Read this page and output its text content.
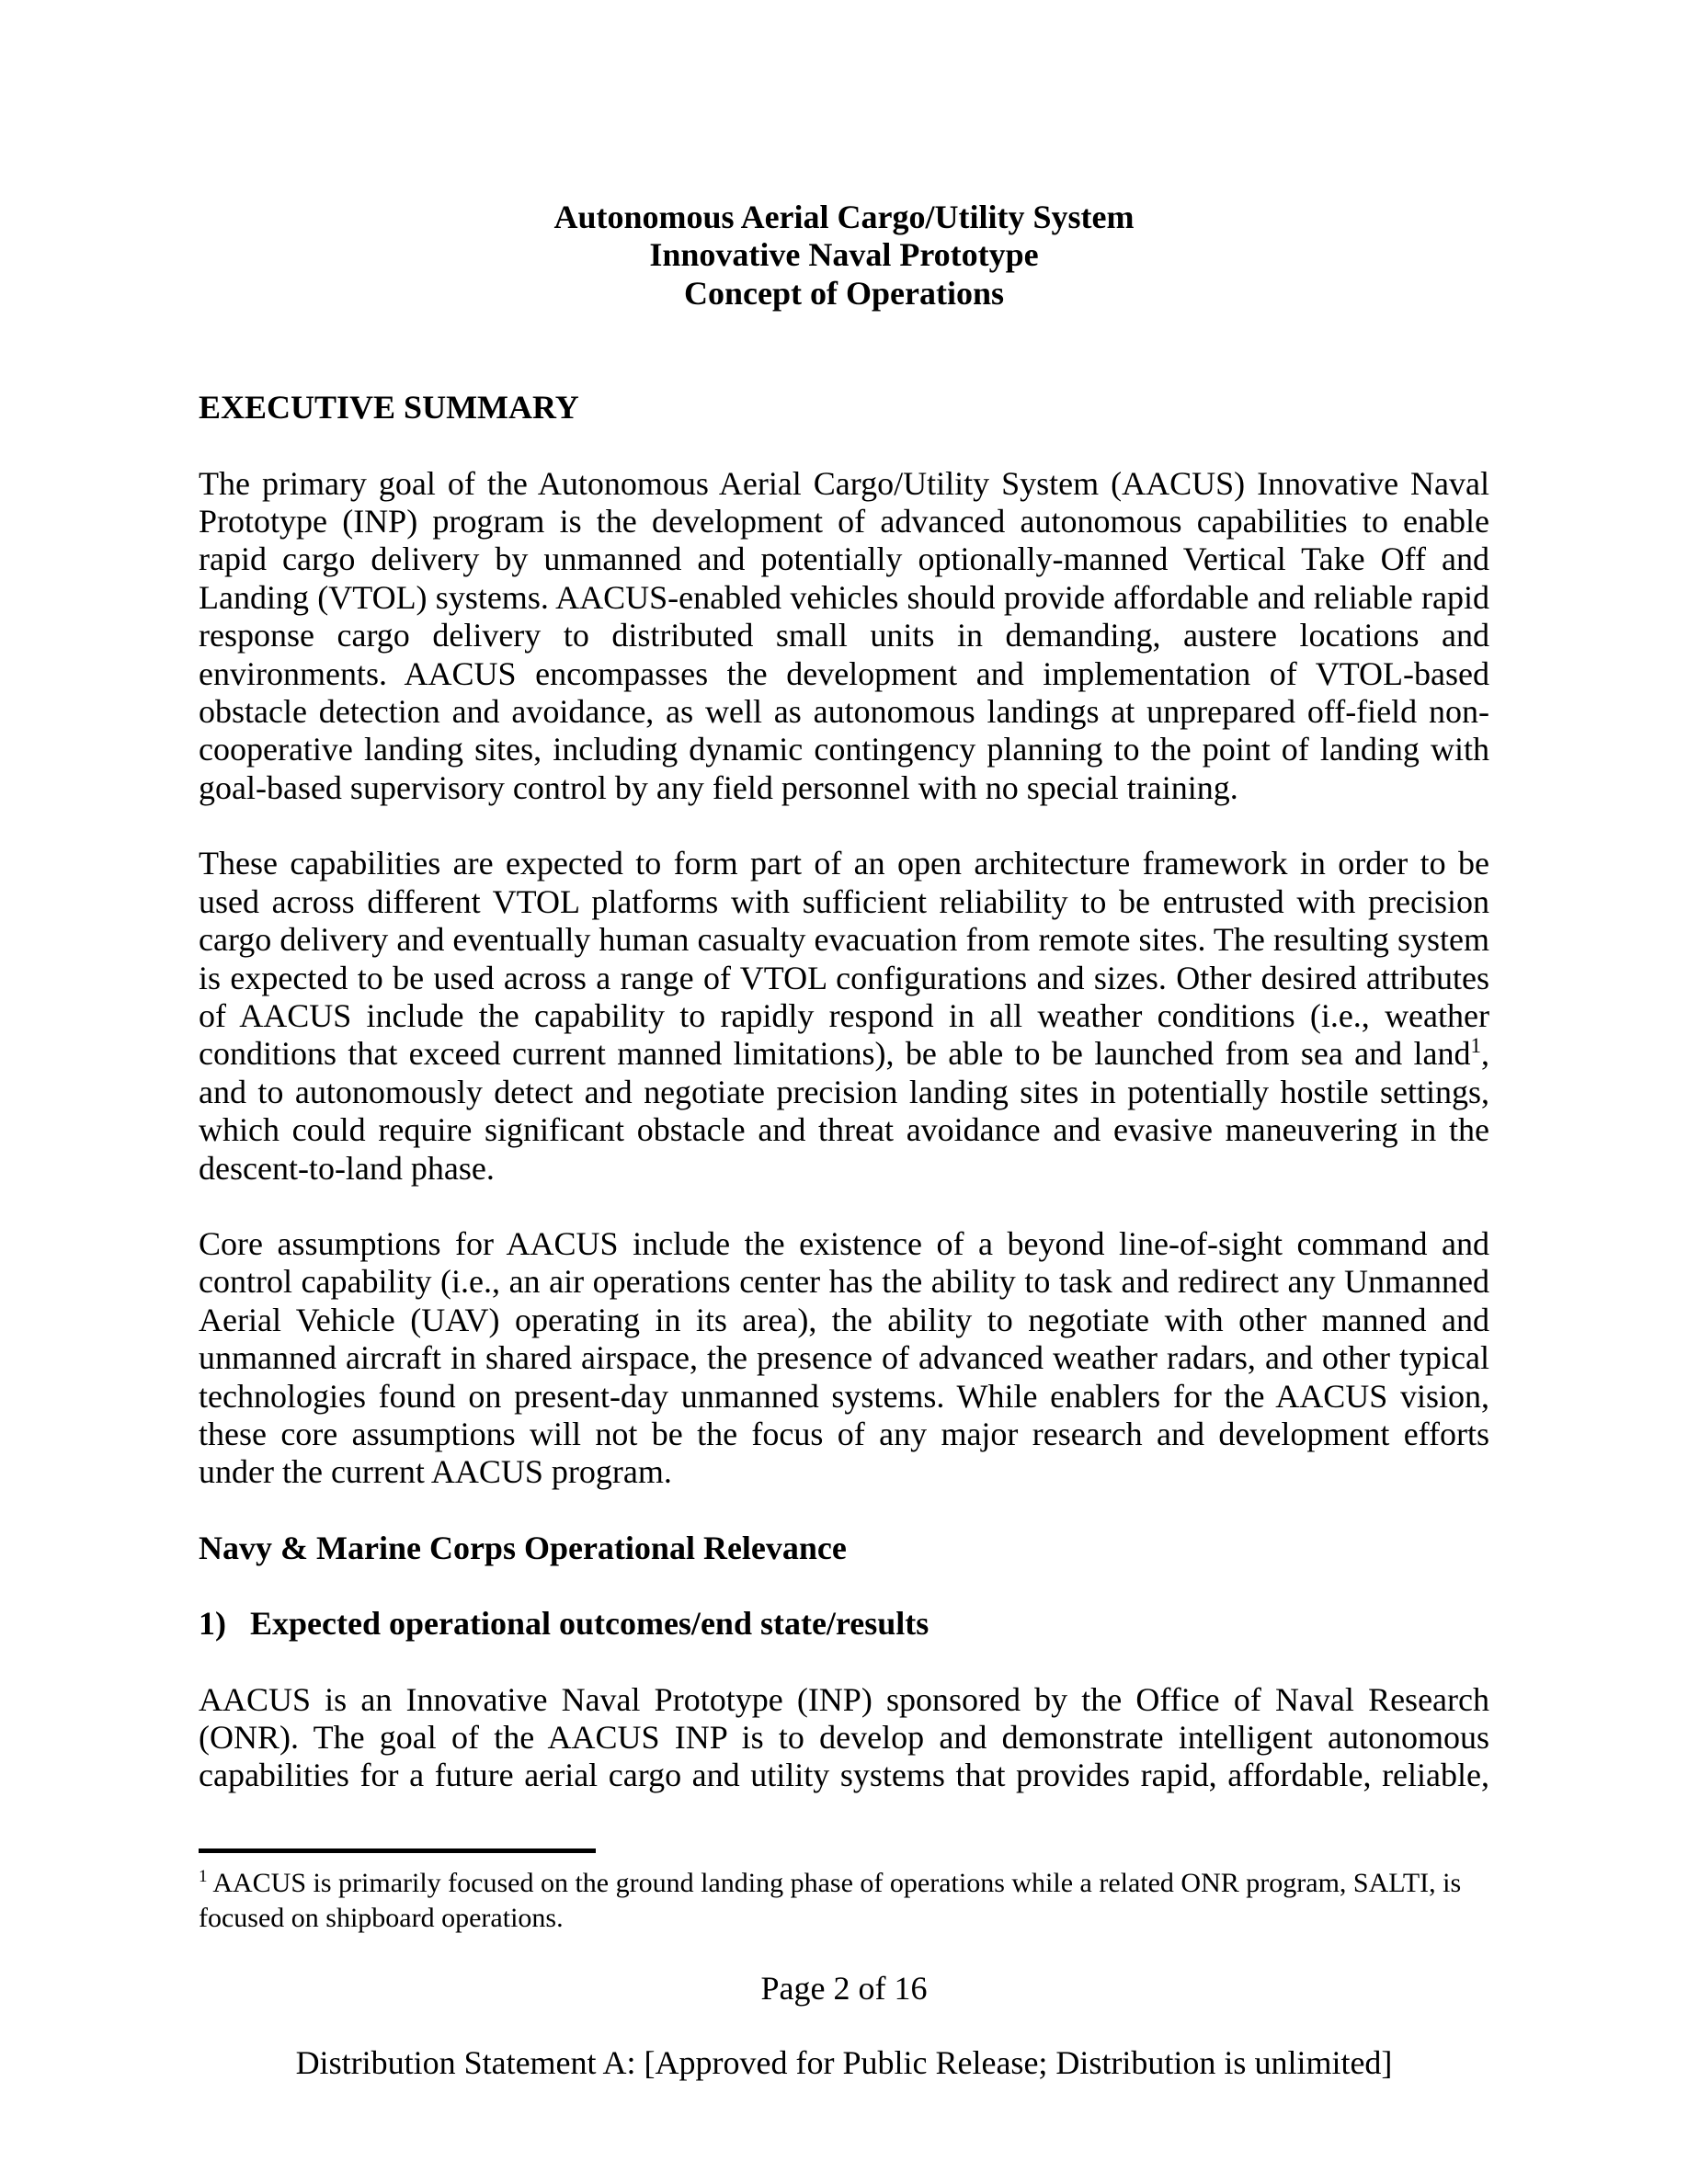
Autonomous Aerial Cargo/Utility System
Innovative Naval Prototype
Concept of Operations
EXECUTIVE SUMMARY

The primary goal of the Autonomous Aerial Cargo/Utility System (AACUS) Innovative Naval Prototype (INP) program is the development of advanced autonomous capabilities to enable rapid cargo delivery by unmanned and potentially optionally-manned Vertical Take Off and Landing (VTOL) systems. AACUS-enabled vehicles should provide affordable and reliable rapid response cargo delivery to distributed small units in demanding, austere locations and environments. AACUS encompasses the development and implementation of VTOL-based obstacle detection and avoidance, as well as autonomous landings at unprepared off-field non-cooperative landing sites, including dynamic contingency planning to the point of landing with goal-based supervisory control by any field personnel with no special training.

These capabilities are expected to form part of an open architecture framework in order to be used across different VTOL platforms with sufficient reliability to be entrusted with precision cargo delivery and eventually human casualty evacuation from remote sites. The resulting system is expected to be used across a range of VTOL configurations and sizes. Other desired attributes of AACUS include the capability to rapidly respond in all weather conditions (i.e., weather conditions that exceed current manned limitations), be able to be launched from sea and land$^1$, and to autonomously detect and negotiate precision landing sites in potentially hostile settings, which could require significant obstacle and threat avoidance and evasive maneuvering in the descent-to-land phase.

Core assumptions for AACUS include the existence of a beyond line-of-sight command and control capability (i.e., an air operations center has the ability to task and redirect any Unmanned Aerial Vehicle (UAV) operating in its area), the ability to negotiate with other manned and unmanned aircraft in shared airspace, the presence of advanced weather radars, and other typical technologies found on present-day unmanned systems. While enablers for the AACUS vision, these core assumptions will not be the focus of any major research and development efforts under the current AACUS program.

Navy & Marine Corps Operational Relevance
1) Expected operational outcomes/end state/results

AACUS is an Innovative Naval Prototype (INP) sponsored by the Office of Naval Research (ONR). The goal of the AACUS INP is to develop and demonstrate intelligent autonomous capabilities for a future aerial cargo and utility systems that provides rapid, affordable, reliable,

$^1$ AACUS is primarily focused on the ground landing phase of operations while a related ONR program, SALTI, is focused on shipboard operations.
Page 2 of 16
Distribution Statement A: [Approved for Public Release; Distribution is unlimited]
